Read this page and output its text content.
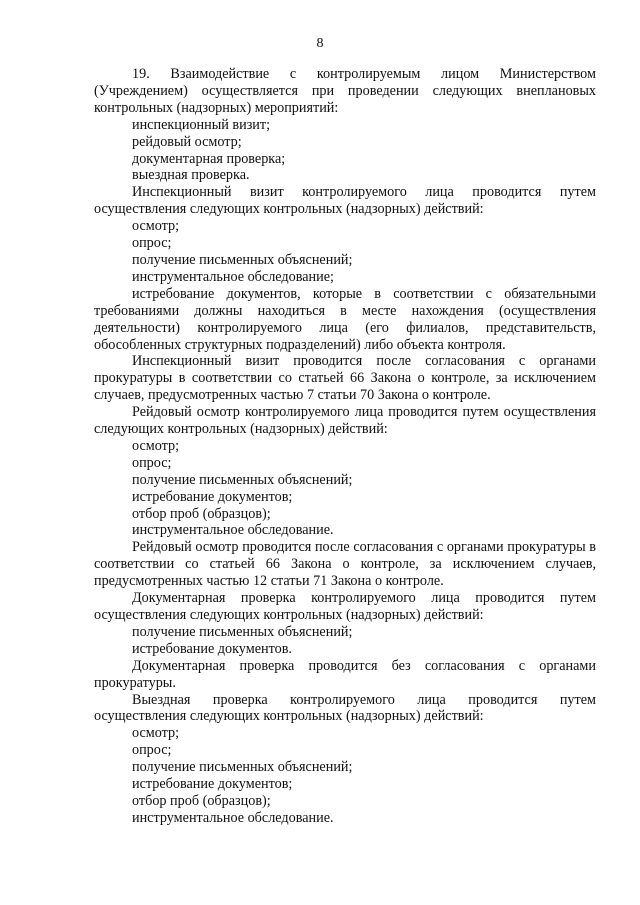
8
19. Взаимодействие с контролируемым лицом Министерством (Учреждением) осуществляется при проведении следующих внеплановых контрольных (надзорных) мероприятий:
инспекционный визит;
рейдовый осмотр;
документарная проверка;
выездная проверка.
Инспекционный визит контролируемого лица проводится путем осуществления следующих контрольных (надзорных) действий:
осмотр;
опрос;
получение письменных объяснений;
инструментальное обследование;
истребование документов, которые в соответствии с обязательными требованиями должны находиться в месте нахождения (осуществления деятельности) контролируемого лица (его филиалов, представительств, обособленных структурных подразделений) либо объекта контроля.
Инспекционный визит проводится после согласования с органами прокуратуры в соответствии со статьей 66 Закона о контроле, за исключением случаев, предусмотренных частью 7 статьи 70 Закона о контроле.
Рейдовый осмотр контролируемого лица проводится путем осуществления следующих контрольных (надзорных) действий:
осмотр;
опрос;
получение письменных объяснений;
истребование документов;
отбор проб (образцов);
инструментальное обследование.
Рейдовый осмотр проводится после согласования с органами прокуратуры в соответствии со статьей 66 Закона о контроле, за исключением случаев, предусмотренных частью 12 статьи 71 Закона о контроле.
Документарная проверка контролируемого лица проводится путем осуществления следующих контрольных (надзорных) действий:
получение письменных объяснений;
истребование документов.
Документарная проверка проводится без согласования с органами прокуратуры.
Выездная проверка контролируемого лица проводится путем осуществления следующих контрольных (надзорных) действий:
осмотр;
опрос;
получение письменных объяснений;
истребование документов;
отбор проб (образцов);
инструментальное обследование.
